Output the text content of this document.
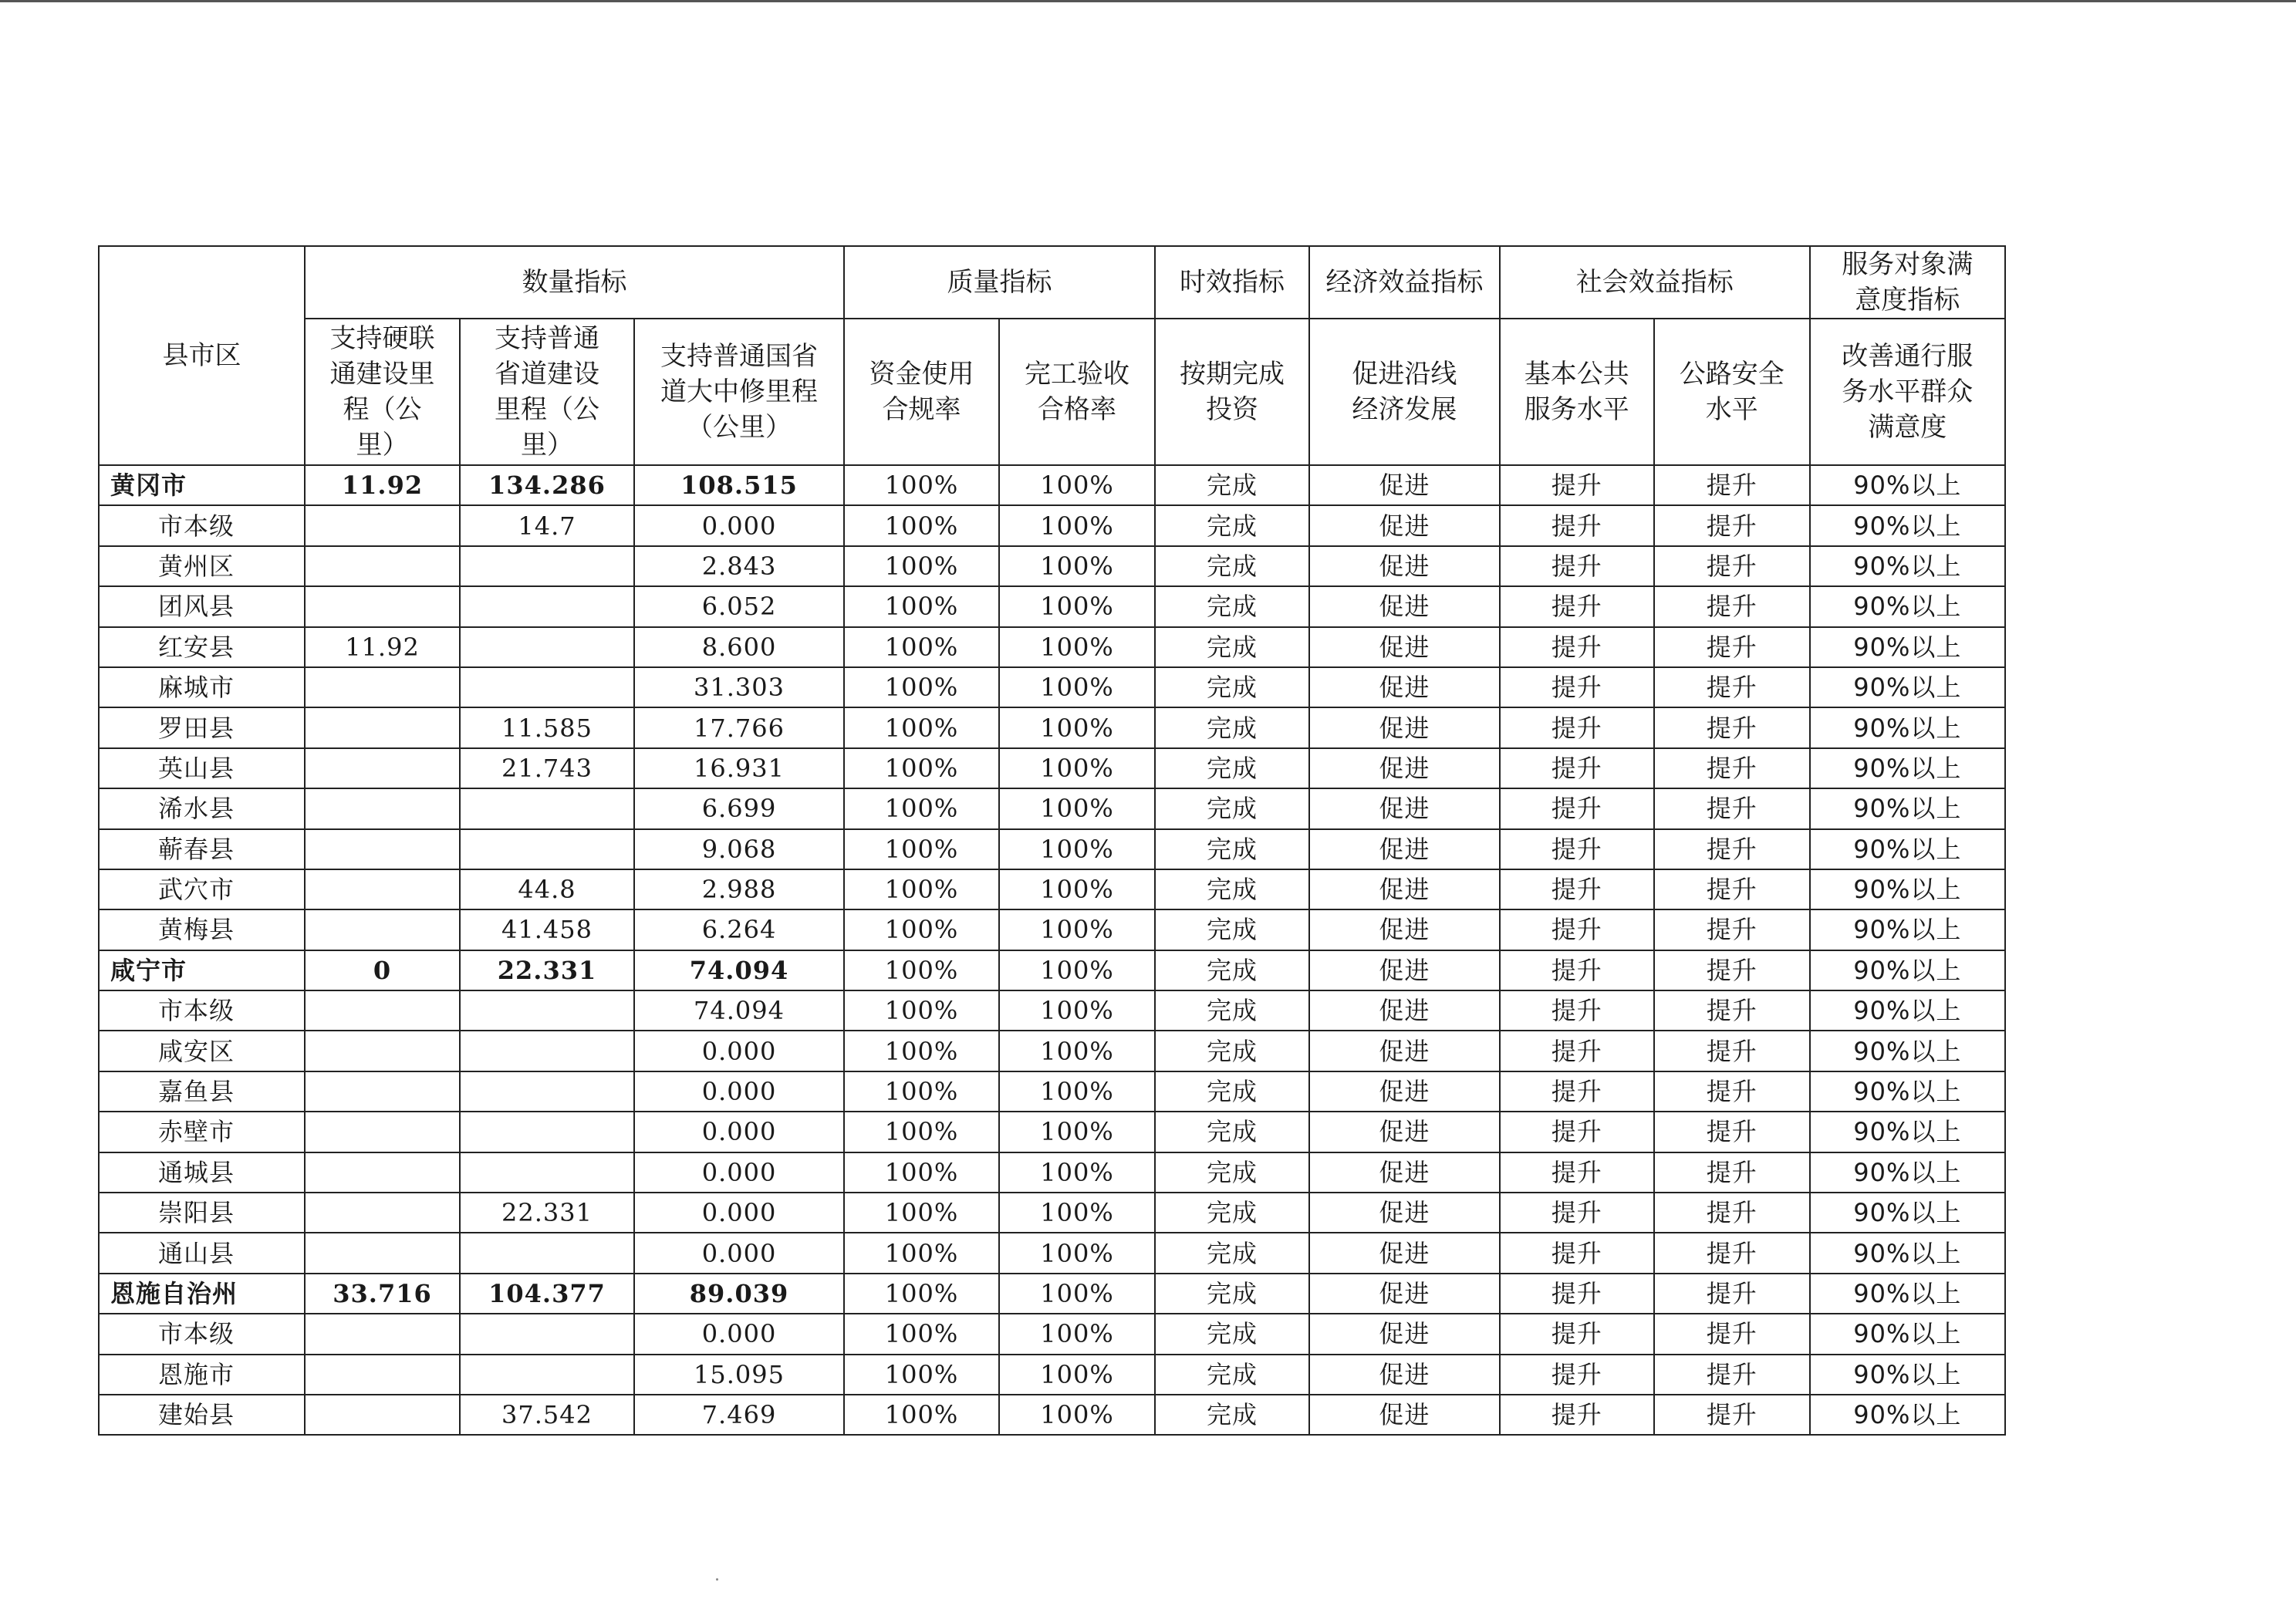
县市区	数量指标			质量指标		时效指标	经济效益指标	社会效益指标		服务对象满意度指标

	支持硬联通建设里程（公里）	支持普通省道建设里程（公里）	支持普通国省道大中修里程（公里）	资金使用合规率	完工验收合格率	按期完成投资	促进沿线经济发展	基本公共服务水平	公路安全水平	改善通行服务水平群众满意度

黄冈市	11.92	134.286	108.515	100%	100%	完成	促进	提升	提升	90%以上
市本级		14.7	0.000	100%	100%	完成	促进	提升	提升	90%以上
黄州区			2.843	100%	100%	完成	促进	提升	提升	90%以上
团风县			6.052	100%	100%	完成	促进	提升	提升	90%以上
红安县	11.92		8.600	100%	100%	完成	促进	提升	提升	90%以上
麻城市			31.303	100%	100%	完成	促进	提升	提升	90%以上
罗田县		11.585	17.766	100%	100%	完成	促进	提升	提升	90%以上
英山县		21.743	16.931	100%	100%	完成	促进	提升	提升	90%以上
浠水县			6.699	100%	100%	完成	促进	提升	提升	90%以上
蕲春县			9.068	100%	100%	完成	促进	提升	提升	90%以上
武穴市		44.8	2.988	100%	100%	完成	促进	提升	提升	90%以上
黄梅县		41.458	6.264	100%	100%	完成	促进	提升	提升	90%以上
咸宁市	0	22.331	74.094	100%	100%	完成	促进	提升	提升	90%以上
市本级			74.094	100%	100%	完成	促进	提升	提升	90%以上
咸安区			0.000	100%	100%	完成	促进	提升	提升	90%以上
嘉鱼县			0.000	100%	100%	完成	促进	提升	提升	90%以上
赤壁市			0.000	100%	100%	完成	促进	提升	提升	90%以上
通城县			0.000	100%	100%	完成	促进	提升	提升	90%以上
崇阳县		22.331	0.000	100%	100%	完成	促进	提升	提升	90%以上
通山县			0.000	100%	100%	完成	促进	提升	提升	90%以上
恩施自治州	33.716	104.377	89.039	100%	100%	完成	促进	提升	提升	90%以上
市本级			0.000	100%	100%	完成	促进	提升	提升	90%以上
恩施市			15.095	100%	100%	完成	促进	提升	提升	90%以上
建始县		37.542	7.469	100%	100%	完成	促进	提升	提升	90%以上
